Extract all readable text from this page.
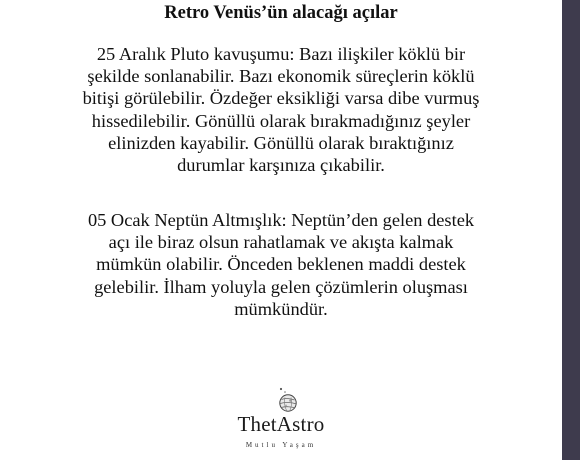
Retro Venüs’ün alacağı açılar

25 Aralık Pluto kavuşumu: Bazı ilişkiler köklü bir
şekilde sonlanabilir. Bazı ekonomik süreçlerin köklü
bitişi görülebilir. Özdeğer eksikliği varsa dibe vurmuş
hissedilebilir. Gönüllü olarak bırakmadığınız şeyler
elinizden kayabilir. Gönüllü olarak bıraktığınız
durumlar karşınıza çıkabilir.

05 Ocak Neptün Altmışlık: Neptün’den gelen destek
açı ile biraz olsun rahatlamak ve akışta kalmak
mümkün olabilir. Önceden beklenen maddi destek
gelebilir. İlham yoluyla gelen çözümlerin oluşması
mümkündür.

ThetAstro
Mutlu Yaşam
